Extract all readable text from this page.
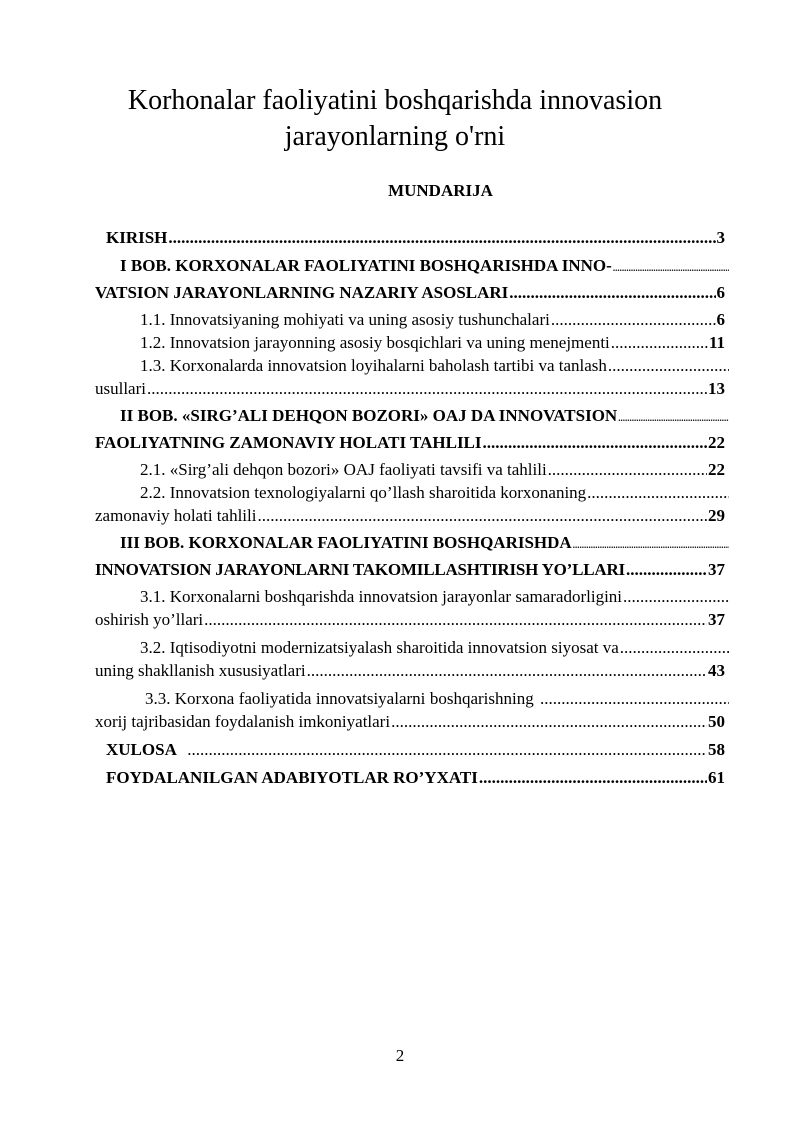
Korhonalar faoliyatini boshqarishda innovasion
jarayonlarning o'rni
MUNDARIJA
KIRISH .....	3
I BOB. KORXONALAR FAOLIYATINI BOSHQARISHDA INNO-
.....
VATSION JARAYONLARNING NAZARIY ASOSLARI .....	6
1.1. Innovatsiyaning mohiyati va uning asosiy tushunchalari .....	6
1.2. Innovatsion jarayonning asosiy bosqichlari va uning menejmenti .....	11
1.3. Korxonalarda innovatsion loyihalarni baholash tartibi va tanlash
.....
usullari .....	13
II BOB. «SIRG’ALI DEHQON BOZORI» OAJ DA INNOVATSION
.....
FAOLIYATNING ZAMONAVIY HOLATI TAHLILI .....	22
2.1. «Sirg’ali dehqon bozori» OAJ faoliyati tavsifi va tahlili .....	22
2.2. Innovatsion texnologiyalarni qo’llash sharoitida korxonaning
.....
zamonaviy holati tahlili .....	29
III BOB. KORXONALAR FAOLIYATINI BOSHQARISHDA
.....
INNOVATSION JARAYONLARNI TAKOMILLASHTIRISH YO’LLARI .....	37
3.1. Korxonalarni boshqarishda innovatsion jarayonlar samaradorligini
.....
oshirish yo’llari .....	37
3.2. Iqtisodiyotni modernizatsiyalash sharoitida innovatsion siyosat va
.....
uning shakllanish xususiyatlari .....	43
3.3. Korxona faoliyatida innovatsiyalarni boshqarishning
.....
xorij tajribasidan foydalanish imkoniyatlari .....	50
XULOSA .....	58
FOYDALANILGAN ADABIYOTLAR RO’YXATI .....	61
2
